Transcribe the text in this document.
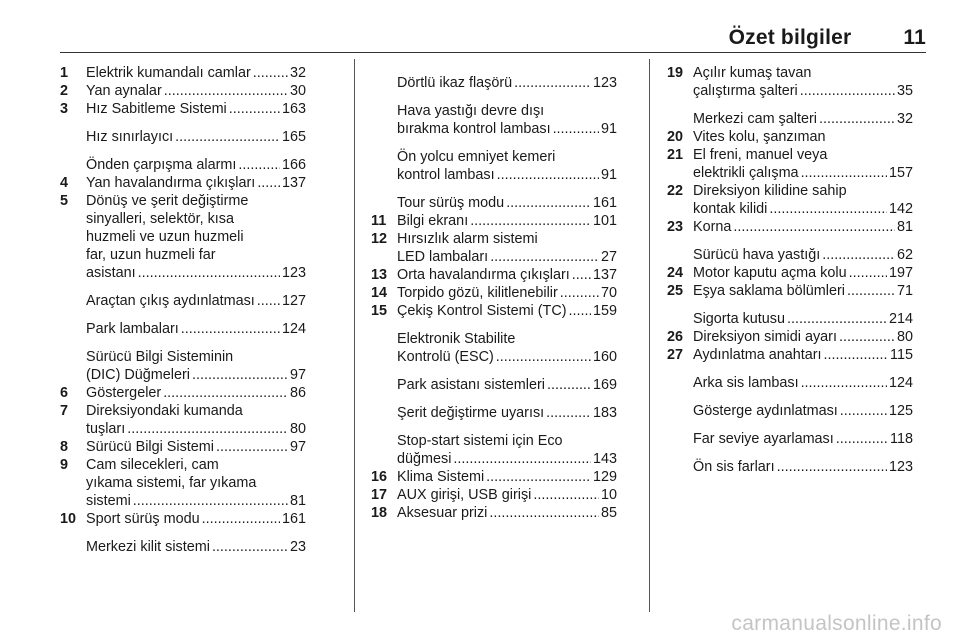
Özet bilgiler 11
1 Elektrik kumandalı camlar .....	32
2 Yan aynalar .....	30
3 Hız Sabitleme Sistemi .....	163
Hız sınırlayıcı .....	165
Önden çarpışma alarmı .....	166
4 Yan havalandırma çıkışları ..... 137
5 Dönüş ve şerit değiştirme
sinyalleri, selektör, kısa
huzmeli ve uzun huzmeli
far, uzun huzmeli far
asistanı .....	123
Araçtan çıkış aydınlatması ..... 127
Park lambaları .....	124
Sürücü Bilgi Sisteminin
(DIC) Düğmeleri .....	97
6 Göstergeler .....	86
7 Direksiyondaki kumanda
tuşları .....	80
8 Sürücü Bilgi Sistemi .....	97
9 Cam silecekleri, cam
yıkama sistemi, far yıkama
sistemi .....	81
10 Sport sürüş modu .....	161
Merkezi kilit sistemi .....	23
Dörtlü ikaz flaşörü .....	123
Hava yastığı devre dışı
bırakma kontrol lambası .....	91
Ön yolcu emniyet kemeri
kontrol lambası .....	91
Tour sürüş modu .....	161
11 Bilgi ekranı .....	101
12 Hırsızlık alarm sistemi
LED lambaları .....	27
13 Orta havalandırma çıkışları ..... 137
14 Torpido gözü, kilitlenebilir .....	70
15 Çekiş Kontrol Sistemi (TC) ..... 159
Elektronik Stabilite
Kontrolü (ESC) .....	160
Park asistanı sistemleri .....	169
Şerit değiştirme uyarısı .....	183
Stop-start sistemi için Eco
düğmesi .....	143
16 Klima Sistemi .....	129
17 AUX girişi, USB girişi .....	10
18 Aksesuar prizi .....	85
19 Açılır kumaş tavan
çalıştırma şalteri .....	35
Merkezi cam şalteri .....	32
20 Vites kolu, şanzıman
21 El freni, manuel veya
elektrikli çalışma .....	157
22 Direksiyon kilidine sahip
kontak kilidi .....	142
23 Korna .....	81
Sürücü hava yastığı .....	62
24 Motor kaputu açma kolu .....	197
25 Eşya saklama bölümleri .....	71
Sigorta kutusu .....	214
26 Direksiyon simidi ayarı .....	80
27 Aydınlatma anahtarı .....	115
Arka sis lambası .....	124
Gösterge aydınlatması .....	125
Far seviye ayarlaması .....	118
Ön sis farları .....	123
carmanualsonline.info
